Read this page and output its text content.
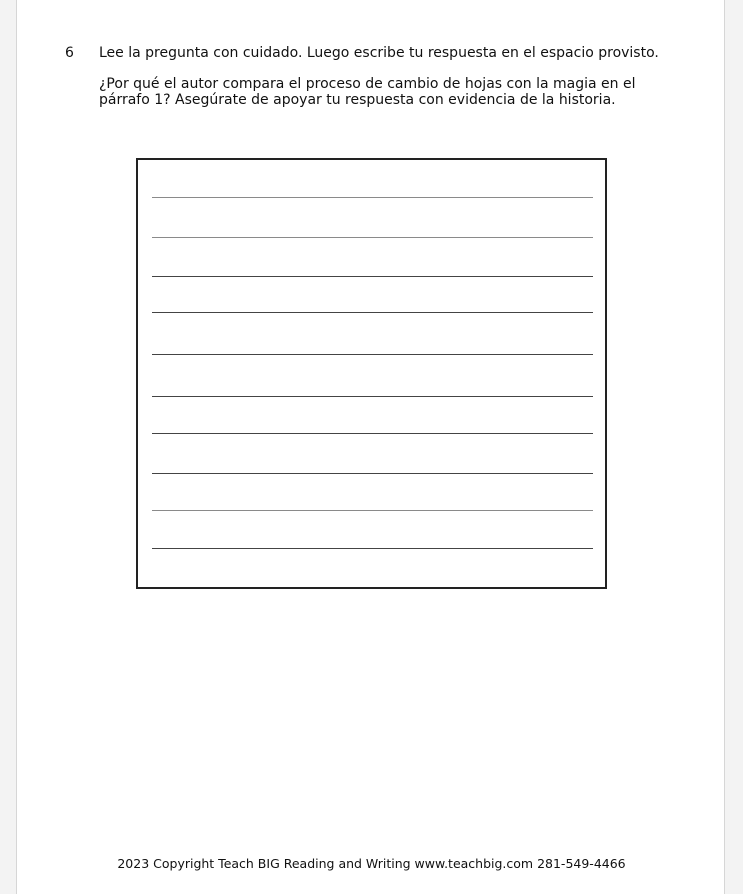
6 Lee la pregunta con cuidado. Luego escribe tu respuesta en el espacio provisto.
¿Por qué el autor compara el proceso de cambio de hojas con la magia en el
párrafo 1? Asegúrate de apoyar tu respuesta con evidencia de la historia.
2023 Copyright Teach BIG Reading and Writing www.teachbig.com 281-549-4466
